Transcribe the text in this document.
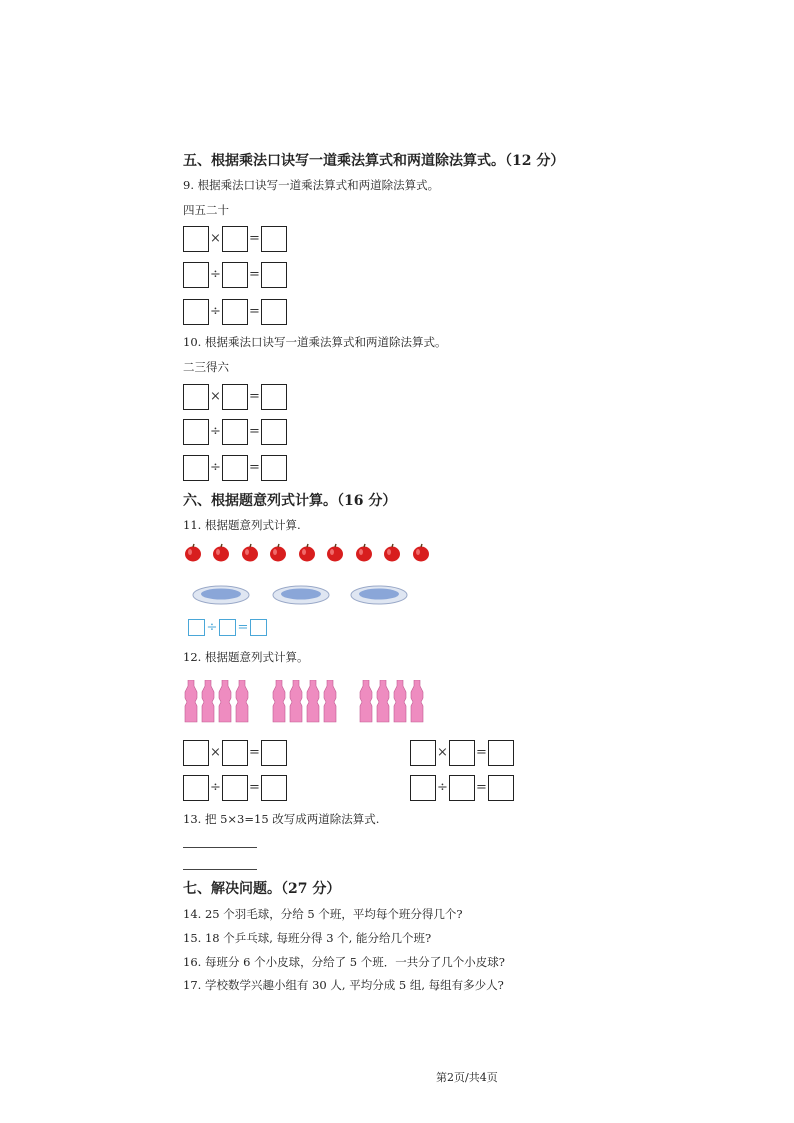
五、根据乘法口诀写一道乘法算式和两道除法算式。（12 分）
9. 根据乘法口诀写一道乘法算式和两道除法算式。
四五二十
× =
÷ =
÷ =
10. 根据乘法口诀写一道乘法算式和两道除法算式。
二三得六
× =
÷ =
÷ =
六、根据题意列式计算。（16 分）
11. 根据题意列式计算.
÷ =
12. 根据题意列式计算。
× =
÷ =
× =
÷ =
13. 把 5×3=15 改写成两道除法算式.
七、解决问题。（27 分）
14. 25 个羽毛球，分给 5 个班，平均每个班分得几个?
15. 18 个乒乓球, 每班分得 3 个, 能分给几个班?
16. 每班分 6 个小皮球，分给了 5 个班．一共分了几个小皮球?
17. 学校数学兴趣小组有 30 人, 平均分成 5 组, 每组有多少人?
第2页/共4页
